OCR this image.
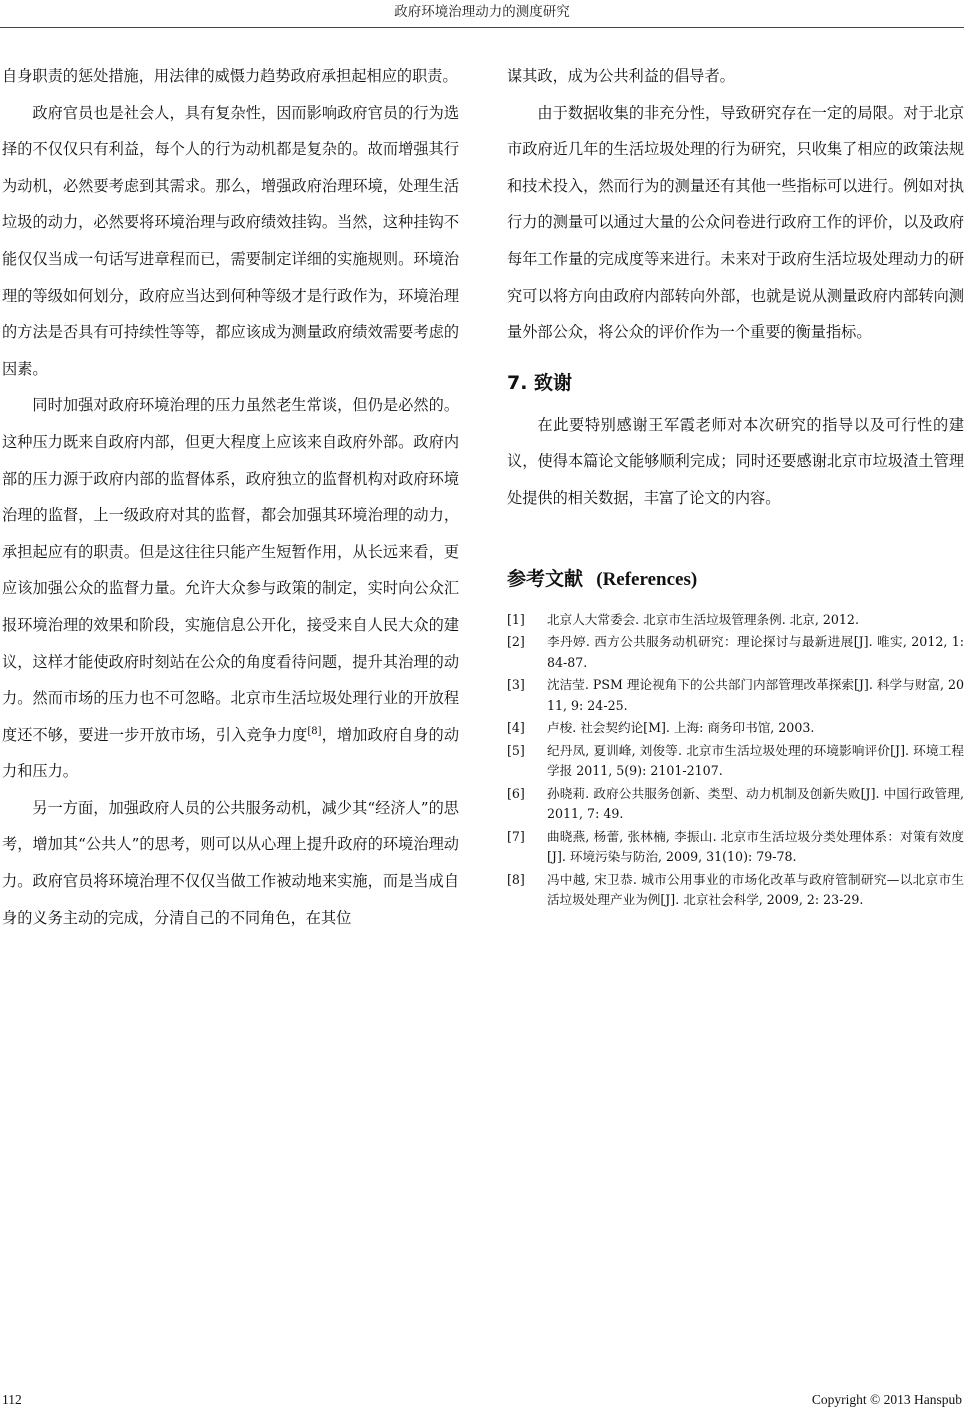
政府环境治理动力的测度研究

自身职责的惩处措施，用法律的威慑力趋势政府承担起相应的职责。

政府官员也是社会人，具有复杂性，因而影响政府官员的行为选择的不仅仅只有利益，每个人的行为动机都是复杂的。故而增强其行为动机，必然要考虑到其需求。那么，增强政府治理环境，处理生活垃圾的动力，必然要将环境治理与政府绩效挂钩。当然，这种挂钩不能仅仅当成一句话写进章程而已，需要制定详细的实施规则。环境治理的等级如何划分，政府应当达到何种等级才是行政作为，环境治理的方法是否具有可持续性等等，都应该成为测量政府绩效需要考虑的因素。

同时加强对政府环境治理的压力虽然老生常谈，但仍是必然的。这种压力既来自政府内部，但更大程度上应该来自政府外部。政府内部的压力源于政府内部的监督体系，政府独立的监督机构对政府环境治理的监督，上一级政府对其的监督，都会加强其环境治理的动力，承担起应有的职责。但是这往往只能产生短暂作用，从长远来看，更应该加强公众的监督力量。允许大众参与政策的制定，实时向公众汇报环境治理的效果和阶段，实施信息公开化，接受来自人民大众的建议，这样才能使政府时刻站在公众的角度看待问题，提升其治理的动力。然而市场的压力也不可忽略。北京市生活垃圾处理行业的开放程度还不够，要进一步开放市场，引入竞争力度[8]，增加政府自身的动力和压力。

另一方面，加强政府人员的公共服务动机，减少其“经济人”的思考，增加其“公共人”的思考，则可以从心理上提升政府的环境治理动力。政府官员将环境治理不仅仅当做工作被动地来实施，而是当成自身的义务主动的完成，分清自己的不同角色，在其位

谋其政，成为公共利益的倡导者。

由于数据收集的非充分性，导致研究存在一定的局限。对于北京市政府近几年的生活垃圾处理的行为研究，只收集了相应的政策法规和技术投入，然而行为的测量还有其他一些指标可以进行。例如对执行力的测量可以通过大量的公众问卷进行政府工作的评价，以及政府每年工作量的完成度等来进行。未来对于政府生活垃圾处理动力的研究可以将方向由政府内部转向外部，也就是说从测量政府内部转向测量外部公众，将公众的评价作为一个重要的衡量指标。

7. 致谢

在此要特别感谢王军霞老师对本次研究的指导以及可行性的建议，使得本篇论文能够顺利完成；同时还要感谢北京市垃圾渣土管理处提供的相关数据，丰富了论文的内容。

参考文献 (References)
[1]	北京人大常委会. 北京市生活垃圾管理条例. 北京, 2012.
[2]	李丹婷. 西方公共服务动机研究：理论探讨与最新进展[J]. 唯实, 2012, 1: 84-87.
[3]	沈洁莹. PSM 理论视角下的公共部门内部管理改革探索[J]. 科学与财富, 2011, 9: 24-25.
[4]	卢梭. 社会契约论[M]. 上海: 商务印书馆, 2003.
[5]	纪丹凤, 夏训峰, 刘俊等. 北京市生活垃圾处理的环境影响评价[J]. 环境工程学报 2011, 5(9): 2101-2107.
[6]	孙晓莉. 政府公共服务创新、类型、动力机制及创新失败[J]. 中国行政管理, 2011, 7: 49.
[7]	曲晓燕, 杨蕾, 张林楠, 李振山. 北京市生活垃圾分类处理体系：对策有效度[J]. 环境污染与防治, 2009, 31(10): 79-78.
[8]	冯中越, 宋卫恭. 城市公用事业的市场化改革与政府管制研究—以北京市生活垃圾处理产业为例[J]. 北京社会科学, 2009, 2: 23-29.
112	Copyright © 2013 Hanspub
